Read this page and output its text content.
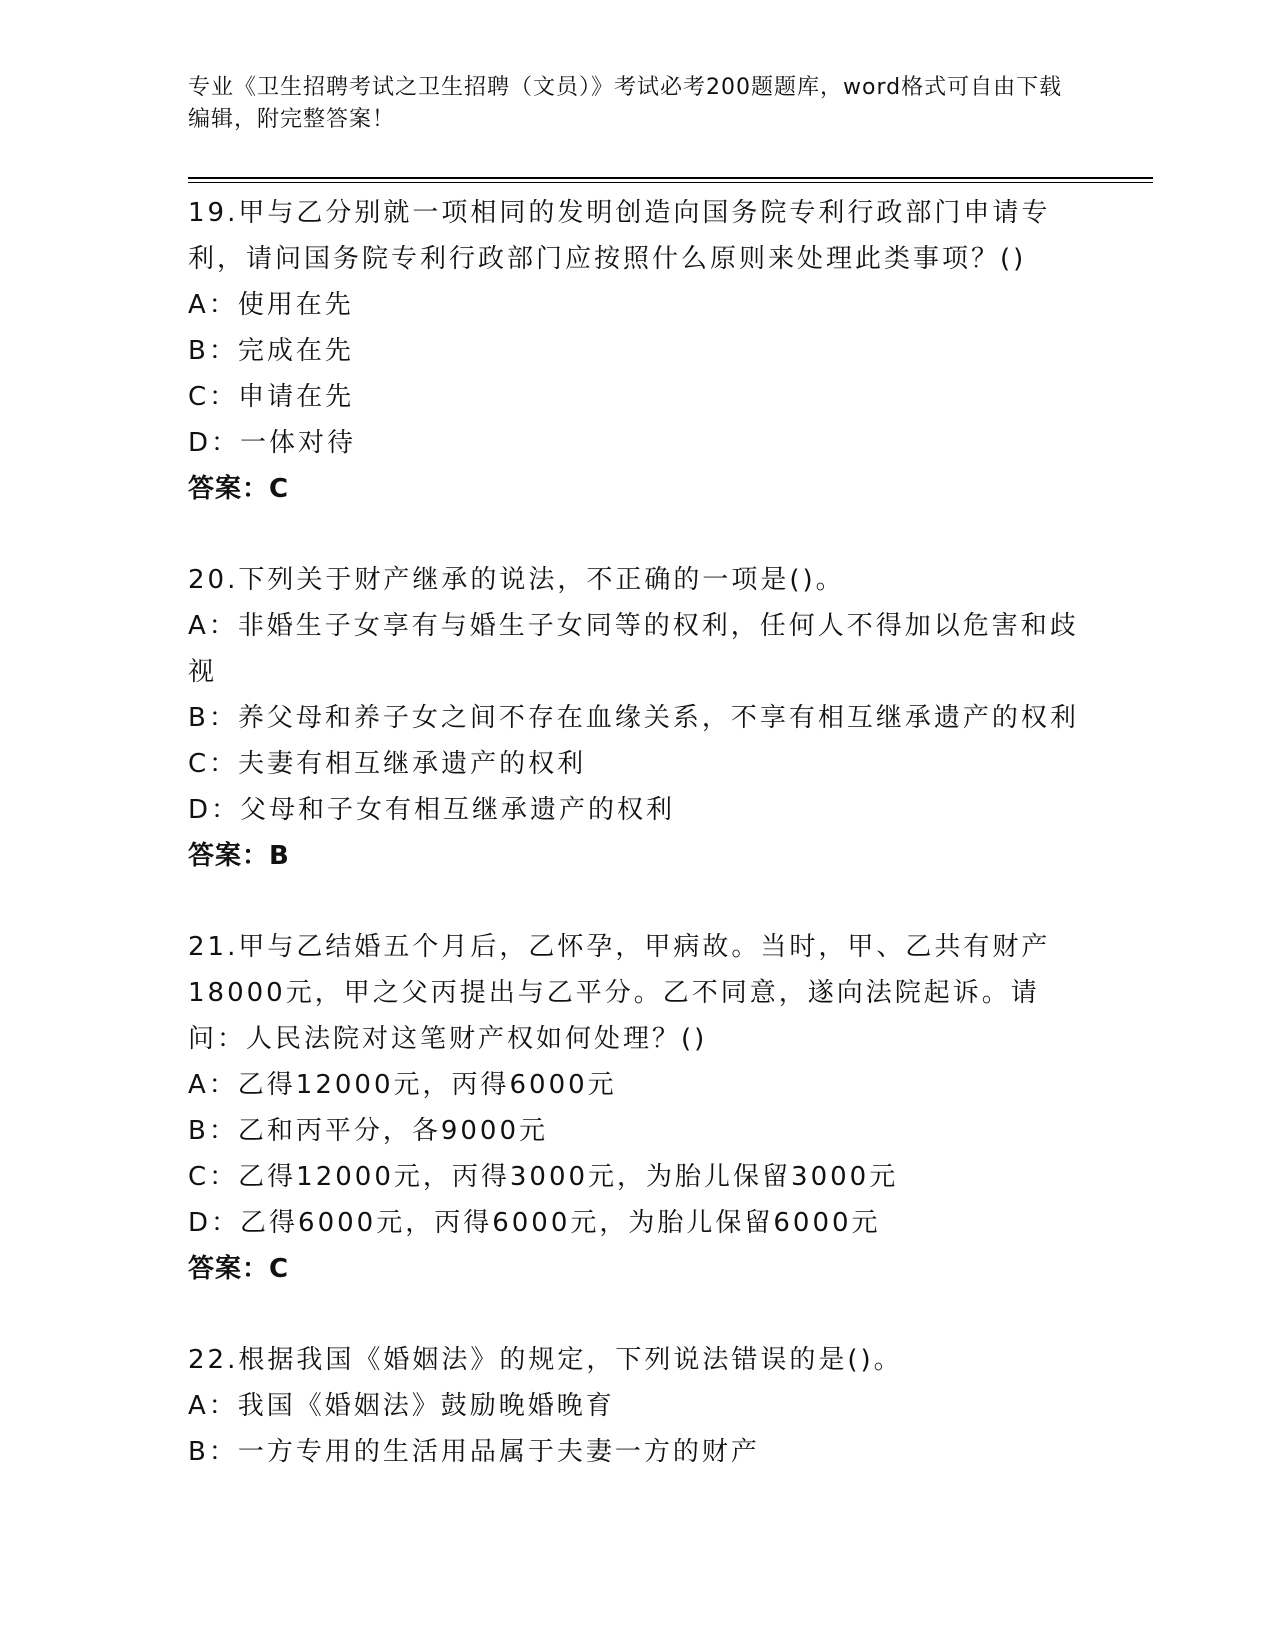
专业《卫生招聘考试之卫生招聘（文员）》考试必考200题题库，word格式可自由下载编辑，附完整答案！
19.甲与乙分别就一项相同的发明创造向国务院专利行政部门申请专利，请问国务院专利行政部门应按照什么原则来处理此类事项？()
A：使用在先
B：完成在先
C：申请在先
D：一体对待
答案：C
20.下列关于财产继承的说法，不正确的一项是()。
A：非婚生子女享有与婚生子女同等的权利，任何人不得加以危害和歧视
B：养父母和养子女之间不存在血缘关系，不享有相互继承遗产的权利
C：夫妻有相互继承遗产的权利
D：父母和子女有相互继承遗产的权利
答案：B
21.甲与乙结婚五个月后，乙怀孕，甲病故。当时，甲、乙共有财产18000元，甲之父丙提出与乙平分。乙不同意，遂向法院起诉。请问：人民法院对这笔财产权如何处理？()
A：乙得12000元，丙得6000元
B：乙和丙平分，各9000元
C：乙得12000元，丙得3000元，为胎儿保留3000元
D：乙得6000元，丙得6000元，为胎儿保留6000元
答案：C
22.根据我国《婚姻法》的规定，下列说法错误的是()。
A：我国《婚姻法》鼓励晚婚晚育
B：一方专用的生活用品属于夫妻一方的财产
